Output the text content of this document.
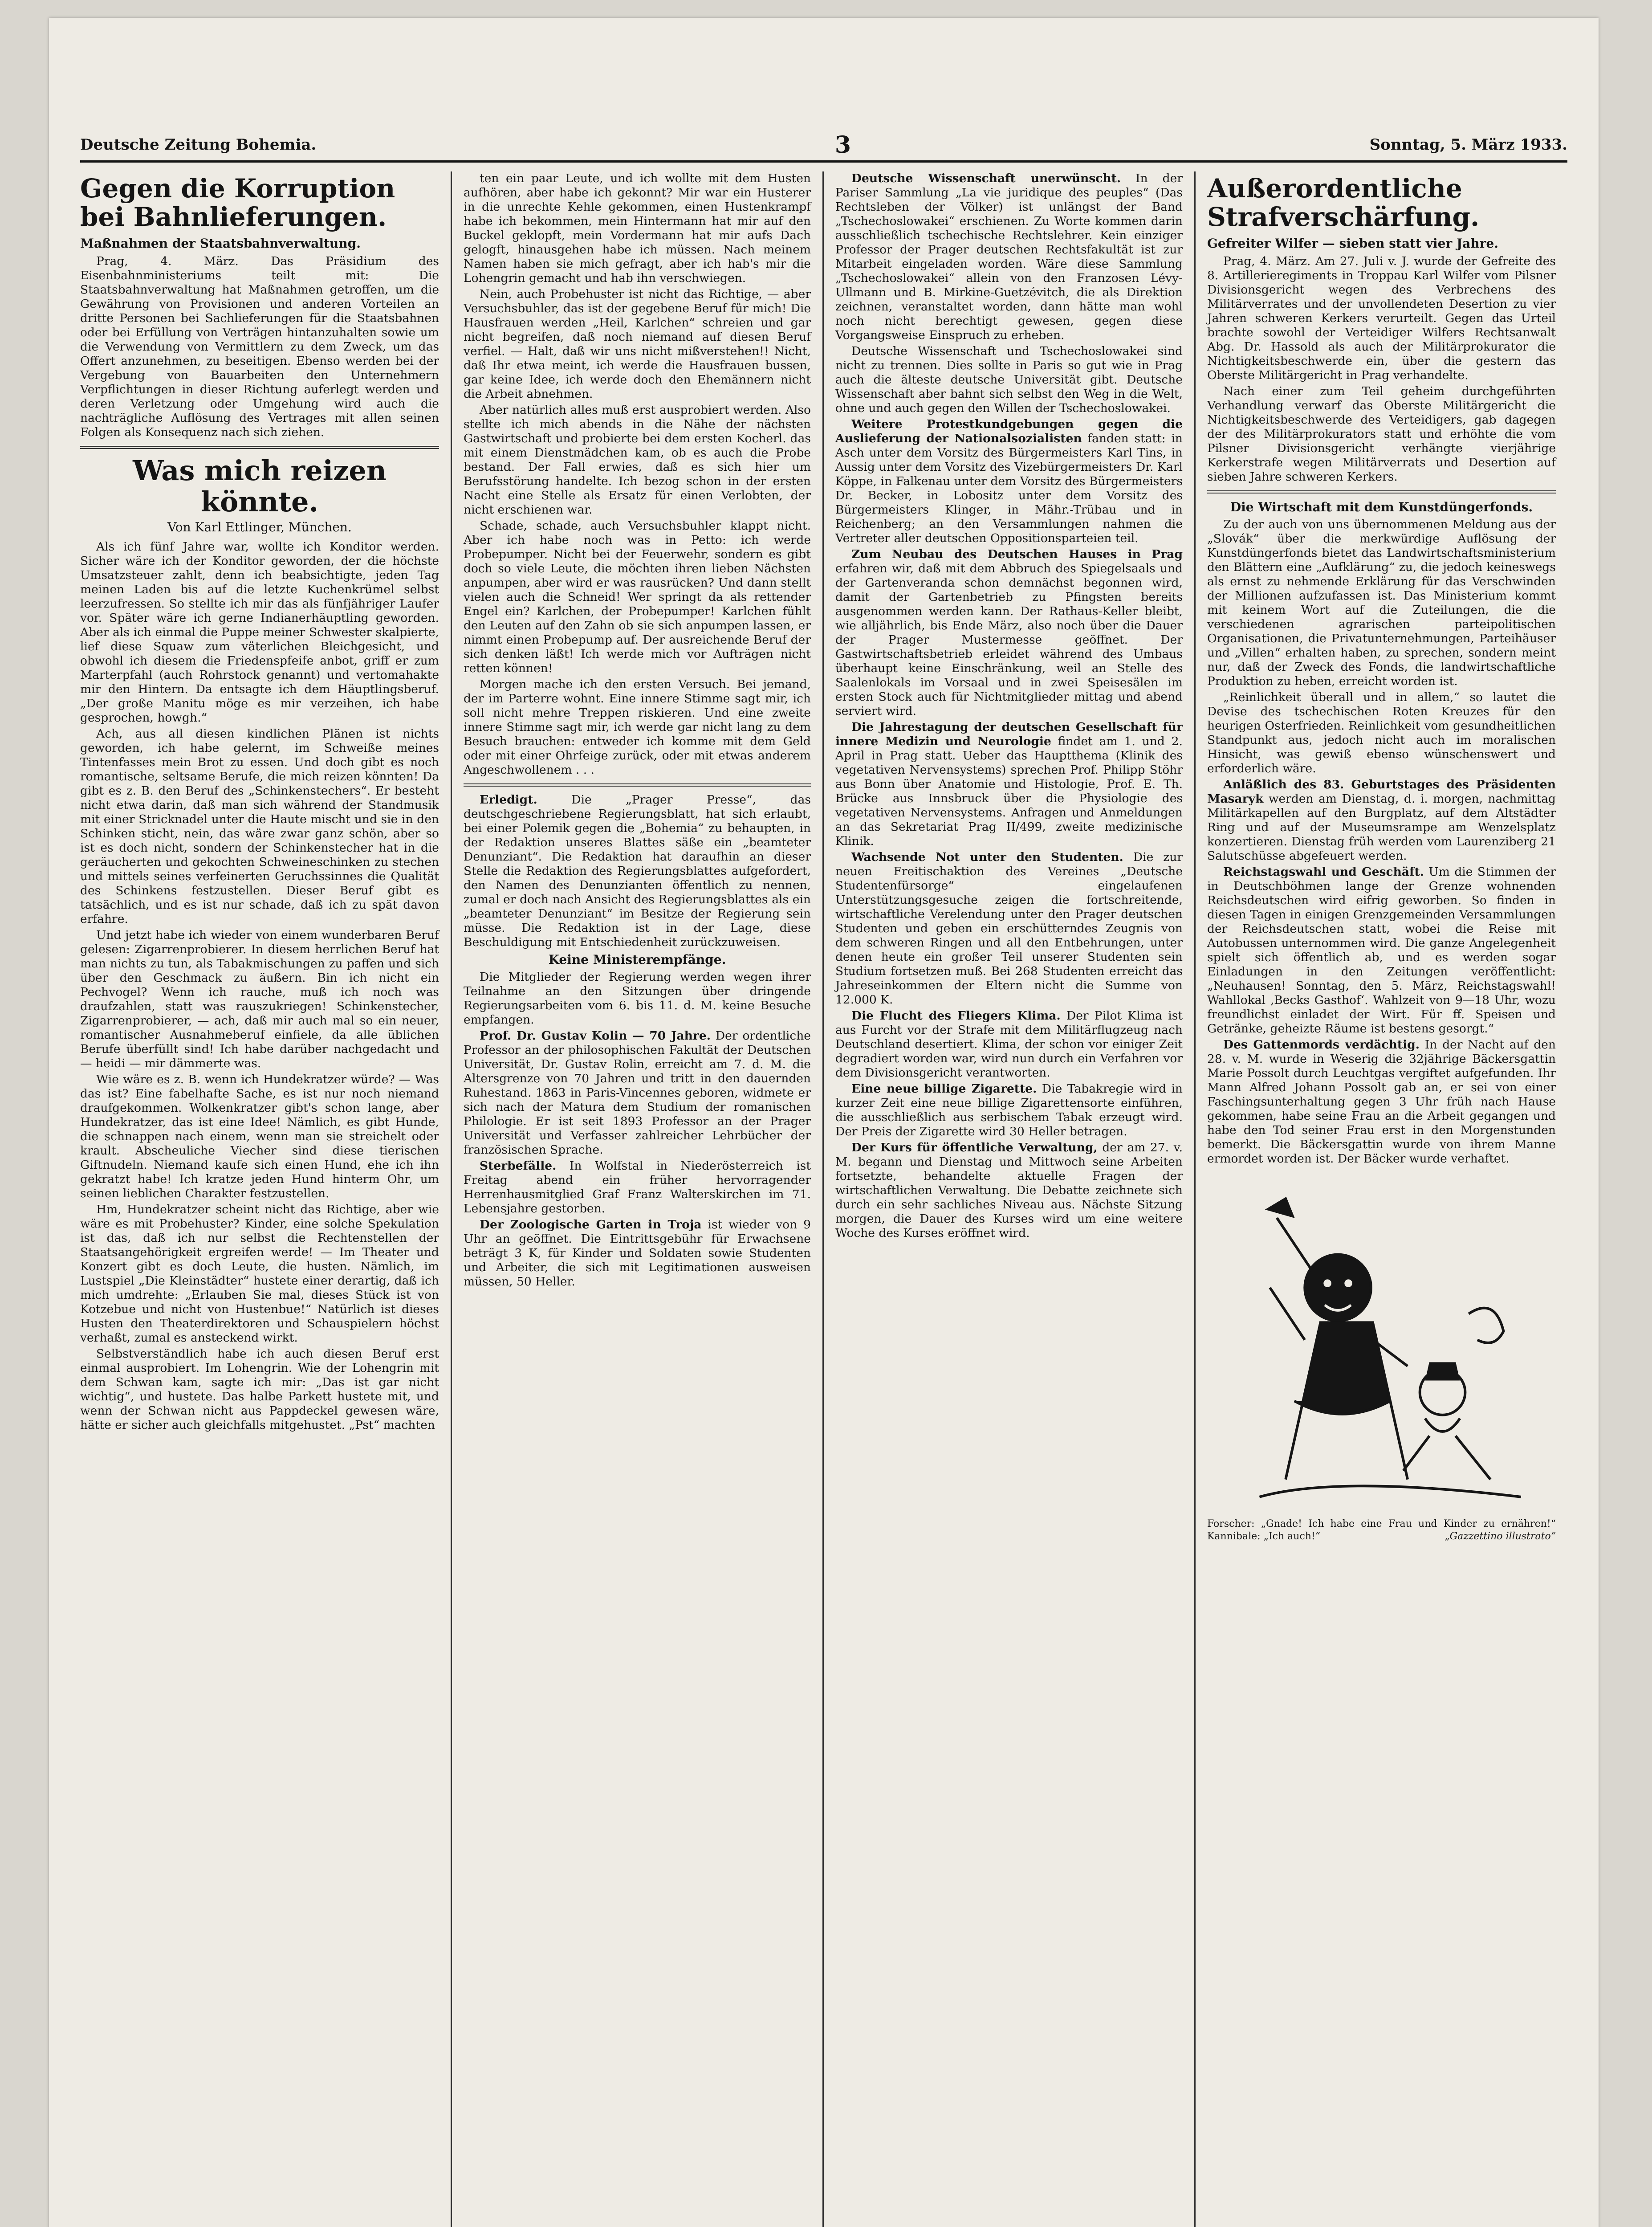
Deutsche Zeitung Bohemia.	3	Sonntag, 5. März 1933.
Gegen die Korruption bei Bahnlieferungen.
Maßnahmen der Staatsbahnverwaltung.

Prag, 4. März. Das Präsidium des Eisenbahnministeriums teilt mit: Die Staatsbahnverwaltung hat Maßnahmen getroffen, um die Gewährung von Provisionen und anderen Vorteilen an dritte Personen bei Sachlieferungen für die Staatsbahnen oder bei Erfüllung von Verträgen hintanzuhalten sowie um die Verwendung von Vermittlern zu dem Zweck, um das Offert anzunehmen, zu beseitigen. Ebenso werden bei der Vergebung von Bauarbeiten den Unternehmern Verpflichtungen in dieser Richtung auferlegt werden und deren Verletzung oder Umgehung wird auch die nachträgliche Auflösung des Vertrages mit allen seinen Folgen als Konsequenz nach sich ziehen.

Was mich reizen könnte.
Von Karl Ettlinger, München.

Als ich fünf Jahre war, wollte ich Konditor werden. Sicher wäre ich der Konditor geworden, der die höchste Umsatzsteuer zahlt, denn ich beabsichtigte, jeden Tag meinen Laden bis auf die letzte Kuchenkrümel selbst leerzufressen. So stellte ich mir das als fünfjähriger Laufer vor. Später wäre ich gerne Indianerhäuptling geworden. Aber als ich einmal die Puppe meiner Schwester skalpierte, lief diese Squaw zum väterlichen Bleichgesicht, und obwohl ich diesem die Friedenspfeife anbot, griff er zum Marterpfahl (auch Rohrstock genannt) und vertomahakte mir den Hintern. Da entsagte ich dem Häuptlingsberuf. „Der große Manitu möge es mir verzeihen, ich habe gesprochen, howgh.“

Ach, aus all diesen kindlichen Plänen ist nichts geworden, ich habe gelernt, im Schweiße meines Tintenfasses mein Brot zu essen. Und doch gibt es noch romantische, seltsame Berufe, die mich reizen könnten! Da gibt es z. B. den Beruf des „Schinkenstechers“. Er besteht nicht etwa darin, daß man sich während der Standmusik mit einer Stricknadel unter die Haute mischt und sie in den Schinken sticht, nein, das wäre zwar ganz schön, aber so ist es doch nicht, sondern der Schinkenstecher hat in die geräucherten und gekochten Schweineschinken zu stechen und mittels seines verfeinerten Geruchssinnes die Qualität des Schinkens festzustellen. Dieser Beruf gibt es tatsächlich, und es ist nur schade, daß ich zu spät davon erfahre.

Und jetzt habe ich wieder von einem wunderbaren Beruf gelesen: Zigarrenprobierer. In diesem herrlichen Beruf hat man nichts zu tun, als Tabakmischungen zu paffen und sich über den Geschmack zu äußern. Bin ich nicht ein Pechvogel? Wenn ich rauche, muß ich noch was draufzahlen, statt was rauszukriegen! Schinkenstecher, Zigarrenprobierer, — ach, daß mir auch mal so ein neuer, romantischer Ausnahmeberuf einfiele, da alle üblichen Berufe überfüllt sind! Ich habe darüber nachgedacht und — heidi — mir dämmerte was.

Wie wäre es z. B. wenn ich Hundekratzer würde? — Was das ist? Eine fabelhafte Sache, es ist nur noch niemand draufgekommen. Wolkenkratzer gibt's schon lange, aber Hundekratzer, das ist eine Idee! Nämlich, es gibt Hunde, die schnappen nach einem, wenn man sie streichelt oder krault. Abscheuliche Viecher sind diese tierischen Giftnudeln. Niemand kaufe sich einen Hund, ehe ich ihn gekratzt habe! Ich kratze jeden Hund hinterm Ohr, um seinen lieblichen Charakter festzustellen.

Hm, Hundekratzer scheint nicht das Richtige, aber wie wäre es mit Probehuster? Kinder, eine solche Spekulation ist das, daß ich nur selbst die Rechtenstellen der Staatsangehörigkeit ergreifen werde! — Im Theater und Konzert gibt es doch Leute, die husten. Nämlich, im Lustspiel „Die Kleinstädter“ hustete einer derartig, daß ich mich umdrehte: „Erlauben Sie mal, dieses Stück ist von Kotzebue und nicht von Hustenbue!“ Natürlich ist dieses Husten den Theaterdirektoren und Schauspielern höchst verhaßt, zumal es ansteckend wirkt.

Selbstverständlich habe ich auch diesen Beruf erst einmal ausprobiert. Im Lohengrin. Wie der Lohengrin mit dem Schwan kam, sagte ich mir: „Das ist gar nicht wichtig“, und hustete. Das halbe Parkett hustete mit, und wenn der Schwan nicht aus Pappdeckel gewesen wäre, hätte er sicher auch gleichfalls mitgehustet. „Pst“ machten

ten ein paar Leute, und ich wollte mit dem Husten aufhören, aber habe ich gekonnt? Mir war ein Husterer in die unrechte Kehle gekommen, einen Hustenkrampf habe ich bekommen, mein Hintermann hat mir auf den Buckel geklopft, mein Vordermann hat mir aufs Dach gelogft, hinausgehen habe ich müssen. Nach meinem Namen haben sie mich gefragt, aber ich hab's mir die Lohengrin gemacht und hab ihn verschwiegen.

Nein, auch Probehuster ist nicht das Richtige, — aber Versuchsbuhler, das ist der gegebene Beruf für mich! Die Hausfrauen werden „Heil, Karlchen“ schreien und gar nicht begreifen, daß noch niemand auf diesen Beruf verfiel. — Halt, daß wir uns nicht mißverstehen!! Nicht, daß Ihr etwa meint, ich werde die Hausfrauen bussen, gar keine Idee, ich werde doch den Ehemännern nicht die Arbeit abnehmen.

Aber natürlich alles muß erst ausprobiert werden. Also stellte ich mich abends in die Nähe der nächsten Gastwirtschaft und probierte bei dem ersten Kocherl. das mit einem Dienstmädchen kam, ob es auch die Probe bestand. Der Fall erwies, daß es sich hier um Berufsstörung handelte. Ich bezog schon in der ersten Nacht eine Stelle als Ersatz für einen Verlobten, der nicht erschienen war.

Schade, schade, auch Versuchsbuhler klappt nicht. Aber ich habe noch was in Petto: ich werde Probepumper. Nicht bei der Feuerwehr, sondern es gibt doch so viele Leute, die möchten ihren lieben Nächsten anpumpen, aber wird er was rausrücken? Und dann stellt vielen auch die Schneid! Wer springt da als rettender Engel ein? Karlchen, der Probepumper! Karlchen fühlt den Leuten auf den Zahn ob sie sich anpumpen lassen, er nimmt einen Probepump auf. Der ausreichende Beruf der sich denken läßt! Ich werde mich vor Aufträgen nicht retten können!

Morgen mache ich den ersten Versuch. Bei jemand, der im Parterre wohnt. Eine innere Stimme sagt mir, ich soll nicht mehre Treppen riskieren. Und eine zweite innere Stimme sagt mir, ich werde gar nicht lang zu dem Besuch brauchen: entweder ich komme mit dem Geld oder mit einer Ohrfeige zurück, oder mit etwas anderem Angeschwollenem . . .

Erledigt.	Die „Prager Presse“, das deutschgeschriebene Regierungsblatt, hat sich erlaubt, bei einer Polemik gegen die „Bohemia“ zu behaupten, in der Redaktion unseres Blattes säße ein „beamteter Denunziant“. Die Redaktion hat daraufhin an dieser Stelle die Redaktion des Regierungsblattes aufgefordert, den Namen des Denunzianten öffentlich zu nennen, zumal er doch nach Ansicht des Regierungsblattes als ein „beamteter Denunziant“ im Besitze der Regierung sein müsse. Die Redaktion ist in der Lage, diese Beschuldigung mit Entschiedenheit zurückzuweisen.

Keine Ministerempfänge.

Die Mitglieder der Regierung werden wegen ihrer Teilnahme an den Sitzungen über dringende Regierungsarbeiten vom 6. bis 11. d. M. keine Besuche empfangen.

Prof. Dr. Gustav Kolin — 70 Jahre. Der ordentliche Professor an der philosophischen Fakultät der Deutschen Universität, Dr. Gustav Rolin, erreicht am 7. d. M. die Altersgrenze von 70 Jahren und tritt in den dauernden Ruhestand. 1863 in Paris-Vincennes geboren, widmete er sich nach der Matura dem Studium der romanischen Philologie. Er ist seit 1893 Professor an der Prager Universität und Verfasser zahlreicher Lehrbücher der französischen Sprache.

Sterbefälle. In Wolfstal in Niederösterreich ist Freitag abend ein früher hervorragender Herrenhausmitglied Graf Franz Walterskirchen im 71. Lebensjahre gestorben.

Der Zoologische Garten in Troja ist wieder von 9 Uhr an geöffnet. Die Eintrittsgebühr für Erwachsene beträgt 3 K, für Kinder und Soldaten sowie Studenten und Arbeiter, die sich mit Legitimationen ausweisen müssen, 50 Heller.

Deutsche Wissenschaft unerwünscht. In der Pariser Sammlung „La vie juridique des peuples“ (Das Rechtsleben der Völker) ist unlängst der Band „Tschechoslowakei“ erschienen. Zu Worte kommen darin ausschließlich tschechische Rechtslehrer. Kein einziger Professor der Prager deutschen Rechtsfakultät ist zur Mitarbeit eingeladen worden. Wäre diese Sammlung „Tschechoslowakei“ allein von den Franzosen Lévy-Ullmann und B. Mirkine-Guetzévitch, die als Direktion zeichnen, veranstaltet worden, dann hätte man wohl noch nicht berechtigt gewesen, gegen diese Vorgangsweise Einspruch zu erheben.

Deutsche Wissenschaft und Tschechoslowakei sind nicht zu trennen. Dies sollte in Paris so gut wie in Prag auch die älteste deutsche Universität gibt. Deutsche Wissenschaft aber bahnt sich selbst den Weg in die Welt, ohne und auch gegen den Willen der Tschechoslowakei.

Weitere Protestkundgebungen gegen die Auslieferung der Nationalsozialisten fanden statt: in Asch unter dem Vorsitz des Bürgermeisters Karl Tins, in Aussig unter dem Vorsitz des Vizebürgermeisters Dr. Karl Köppe, in Falkenau unter dem Vorsitz des Bürgermeisters Dr. Becker, in Lobositz unter dem Vorsitz des Bürgermeisters Klinger, in Mähr.-Trübau und in Reichenberg; an den Versammlungen nahmen die Vertreter aller deutschen Oppositionsparteien teil.

Zum Neubau des Deutschen Hauses in Prag erfahren wir, daß mit dem Abbruch des Spiegelsaals und der Gartenveranda schon demnächst begonnen wird, damit der Gartenbetrieb zu Pfingsten bereits ausgenommen werden kann. Der Rathaus-Keller bleibt, wie alljährlich, bis Ende März, also noch über die Dauer der Prager Mustermesse geöffnet. Der Gastwirtschaftsbetrieb erleidet während des Umbaus überhaupt keine Einschränkung, weil an Stelle des Saalenlokals im Vorsaal und in zwei Speisesälen im ersten Stock auch für Nichtmitglieder mittag und abend serviert wird.

Die Jahrestagung der deutschen Gesellschaft für innere Medizin und Neurologie findet am 1. und 2. April in Prag statt. Ueber das Hauptthema (Klinik des vegetativen Nervensystems) sprechen Prof. Philipp Stöhr aus Bonn über Anatomie und Histologie, Prof. E. Th. Brücke aus Innsbruck über die Physiologie des vegetativen Nervensystems. Anfragen und Anmeldungen an das Sekretariat Prag II/499, zweite medizinische Klinik.

Wachsende Not unter den Studenten. Die zur neuen Freitischaktion des Vereines „Deutsche Studentenfürsorge“ eingelaufenen Unterstützungsgesuche zeigen die fortschreitende, wirtschaftliche Verelendung unter den Prager deutschen Studenten und geben ein erschütterndes Zeugnis von dem schweren Ringen und all den Entbehrungen, unter denen heute ein großer Teil unserer Studenten sein Studium fortsetzen muß. Bei 268 Studenten erreicht das Jahreseinkommen der Eltern nicht die Summe von 12.000 K.

Die Flucht des Fliegers Klima. Der Pilot Klima ist aus Furcht vor der Strafe mit dem Militärflugzeug nach Deutschland desertiert. Klima, der schon vor einiger Zeit degradiert worden war, wird nun durch ein Verfahren vor dem Divisionsgericht verantworten.

Eine neue billige Zigarette. Die Tabakregie wird in kurzer Zeit eine neue billige Zigarettensorte einführen, die ausschließlich aus serbischem Tabak erzeugt wird. Der Preis der Zigarette wird 30 Heller betragen.

Der Kurs für öffentliche Verwaltung, der am 27. v. M. begann und Dienstag und Mittwoch seine Arbeiten fortsetzte, behandelte aktuelle Fragen der wirtschaftlichen Verwaltung. Die Debatte zeichnete sich durch ein sehr sachliches Niveau aus. Nächste Sitzung morgen, die Dauer des Kurses wird um eine weitere Woche des Kurses eröffnet wird.

Außerordentliche Strafverschärfung.
Gefreiter Wilfer — sieben statt vier Jahre.

Prag, 4. März. Am 27. Juli v. J. wurde der Gefreite des 8. Artillerieregiments in Troppau Karl Wilfer vom Pilsner Divisionsgericht wegen des Verbrechens des Militärverrates und der unvollendeten Desertion zu vier Jahren schweren Kerkers verurteilt. Gegen das Urteil brachte sowohl der Verteidiger Wilfers Rechtsanwalt Abg. Dr. Hassold als auch der Militärprokurator die Nichtigkeitsbeschwerde ein, über die gestern das Oberste Militärgericht in Prag verhandelte.

Nach einer zum Teil geheim durchgeführten Verhandlung verwarf das Oberste Militärgericht die Nichtigkeitsbeschwerde des Verteidigers, gab dagegen der des Militärprokurators statt und erhöhte die vom Pilsner Divisionsgericht verhängte vierjährige Kerkerstrafe wegen Militärverrats und Desertion auf sieben Jahre schweren Kerkers.

Die Wirtschaft mit dem Kunstdüngerfonds.

Zu der auch von uns übernommenen Meldung aus der „Slovák“ über die merkwürdige Auflösung der Kunstdüngerfonds bietet das Landwirtschaftsministerium den Blättern eine „Aufklärung“ zu, die jedoch keineswegs als ernst zu nehmende Erklärung für das Verschwinden der Millionen aufzufassen ist. Das Ministerium kommt mit keinem Wort auf die Zuteilungen, die die verschiedenen agrarischen parteipolitischen Organisationen, die Privatunternehmungen, Parteihäuser und „Villen“ erhalten haben, zu sprechen, sondern meint nur, daß der Zweck des Fonds, die landwirtschaftliche Produktion zu heben, erreicht worden ist.

„Reinlichkeit überall und in allem,“ so lautet die Devise des tschechischen Roten Kreuzes für den heurigen Osterfrieden. Reinlichkeit vom gesundheitlichen Standpunkt aus, jedoch nicht auch im moralischen Hinsicht, was gewiß ebenso wünschenswert und erforderlich wäre.

Anläßlich des 83. Geburtstages des Präsidenten Masaryk werden am Dienstag, d. i. morgen, nachmittag Militärkapellen auf den Burgplatz, auf dem Altstädter Ring und auf der Museumsrampe am Wenzelsplatz konzertieren. Dienstag früh werden vom Laurenziberg 21 Salutschüsse abgefeuert werden.

Reichstagswahl und Geschäft. Um die Stimmen der in Deutschböhmen lange der Grenze wohnenden Reichsdeutschen wird eifrig geworben. So finden in diesen Tagen in einigen Grenzgemeinden Versammlungen der Reichsdeutschen statt, wobei die Reise mit Autobussen unternommen wird. Die ganze Angelegenheit spielt sich öffentlich ab, und es werden sogar Einladungen in den Zeitungen veröffentlicht: „Neuhausen! Sonntag, den 5. März, Reichstagswahl! Wahllokal ‚Becks Gasthof‘. Wahlzeit von 9—18 Uhr, wozu freundlichst einladet der Wirt. Für ff. Speisen und Getränke, geheizte Räume ist bestens gesorgt.“

Des Gattenmords verdächtig. In der Nacht auf den 28. v. M. wurde in Weserig die 32jährige Bäckersgattin Marie Possolt durch Leuchtgas vergiftet aufgefunden. Ihr Mann Alfred Johann Possolt gab an, er sei von einer Faschingsunterhaltung gegen 3 Uhr früh nach Hause gekommen, habe seine Frau an die Arbeit gegangen und habe den Tod seiner Frau erst in den Morgenstunden bemerkt. Die Bäckersgattin wurde von ihrem Manne ermordet worden ist. Der Bäcker wurde verhaftet.

Forscher: „Gnade! Ich habe eine Frau und Kinder zu ernähren!“ Kannibale: „Ich auch!“	„Gazzettino illustrato“
